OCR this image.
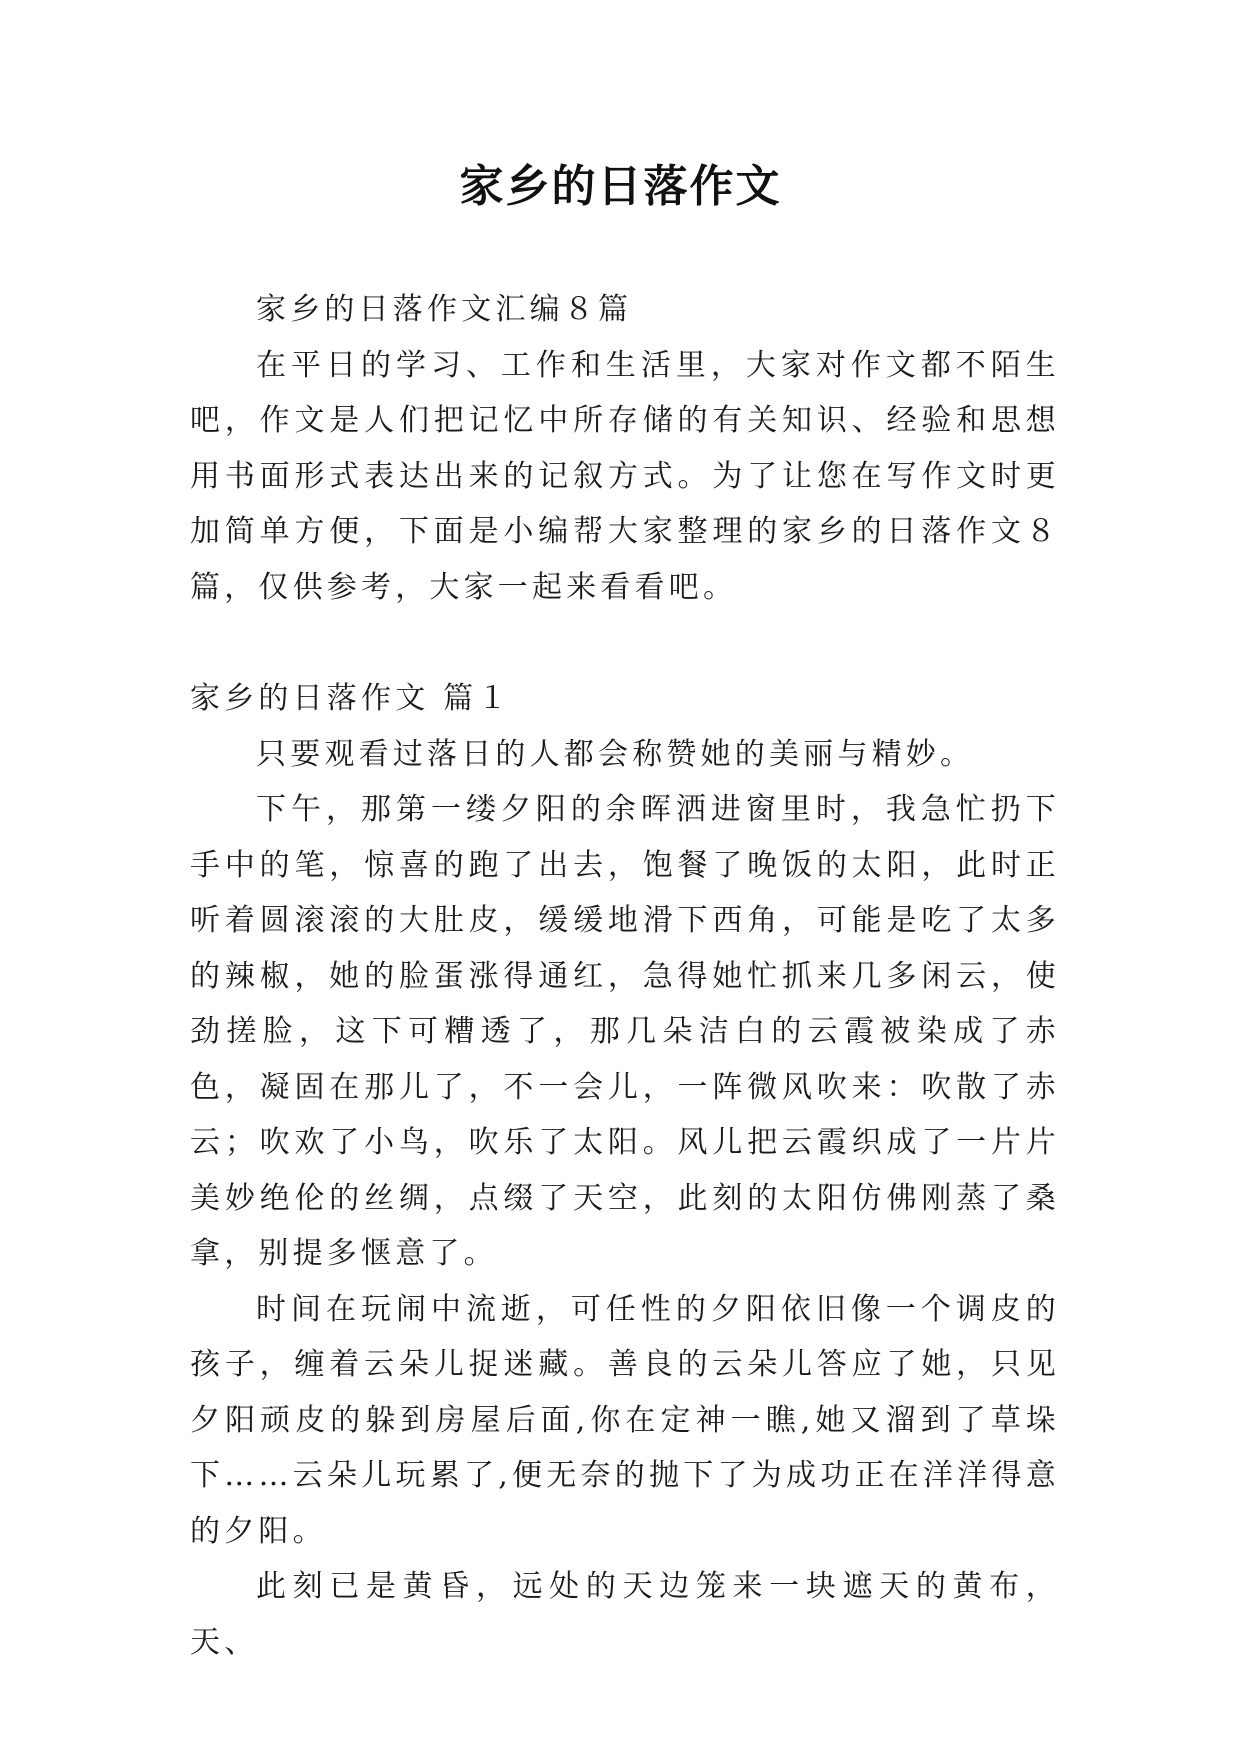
家乡的日落作文

家乡的日落作文汇编８篇

在平日的学习、工作和生活里，大家对作文都不陌生吧，作文是人们把记忆中所存储的有关知识、经验和思想用书面形式表达出来的记叙方式。为了让您在写作文时更加简单方便，下面是小编帮大家整理的家乡的日落作文８篇，仅供参考，大家一起来看看吧。

家乡的日落作文 篇１

只要观看过落日的人都会称赞她的美丽与精妙。

下午，那第一缕夕阳的余晖洒进窗里时，我急忙扔下手中的笔，惊喜的跑了出去，饱餐了晚饭的太阳，此时正听着圆滚滚的大肚皮，缓缓地滑下西角，可能是吃了太多的辣椒，她的脸蛋涨得通红，急得她忙抓来几多闲云，使劲搓脸，这下可糟透了，那几朵洁白的云霞被染成了赤色，凝固在那儿了，不一会儿，一阵微风吹来：吹散了赤云；吹欢了小鸟，吹乐了太阳。风儿把云霞织成了一片片美妙绝伦的丝绸，点缀了天空，此刻的太阳仿佛刚蒸了桑拿，别提多惬意了。

时间在玩闹中流逝，可任性的夕阳依旧像一个调皮的孩子，缠着云朵儿捉迷藏。善良的云朵儿答应了她，只见夕阳顽皮的躲到房屋后面,你在定神一瞧,她又溜到了草垛下……云朵儿玩累了,便无奈的抛下了为成功正在洋洋得意的夕阳。

此刻已是黄昏，远处的天边笼来一块遮天的黄布，天、
